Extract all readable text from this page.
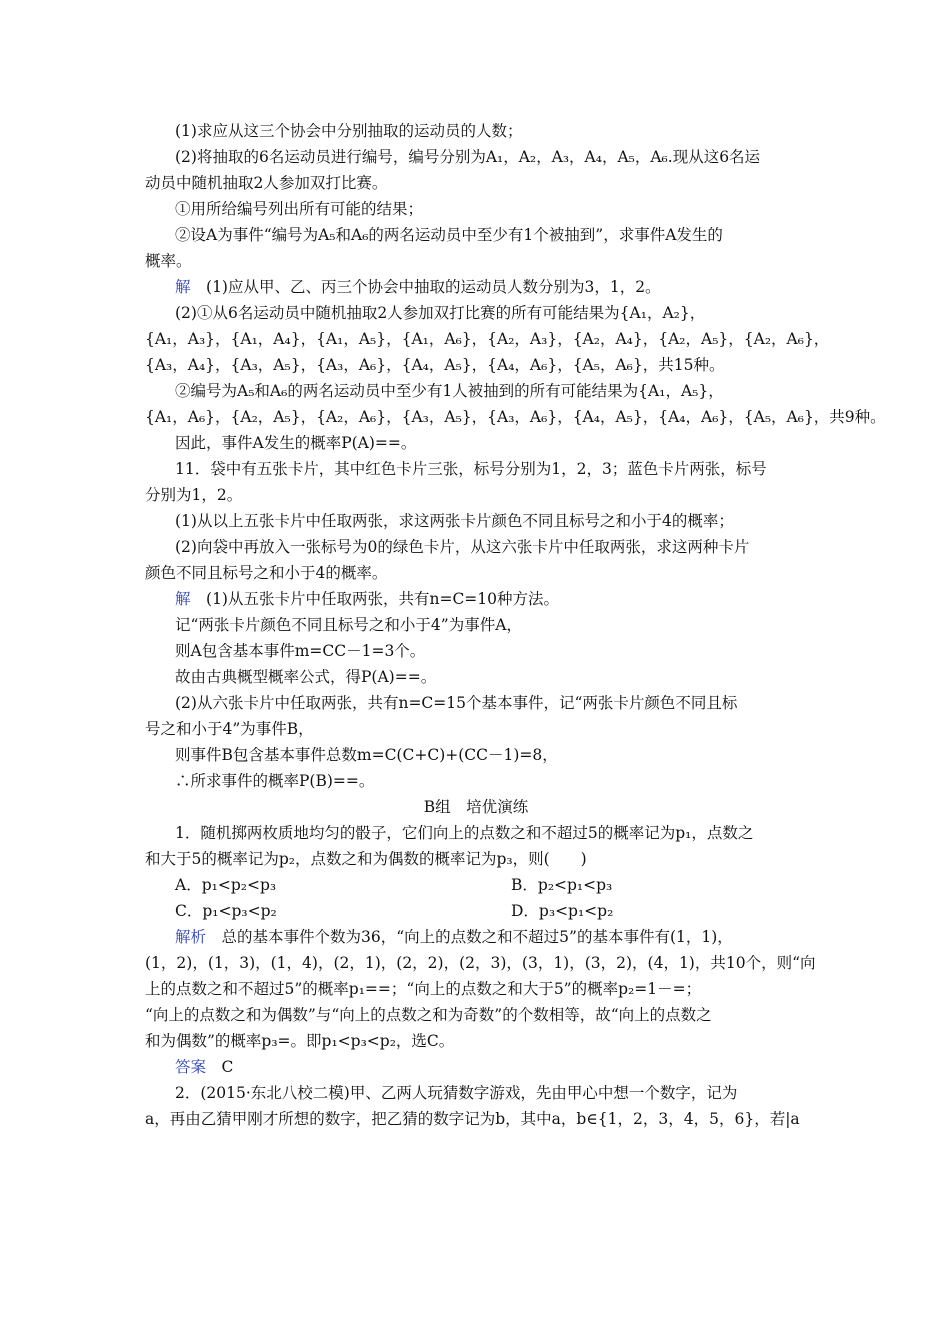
(1)求应从这三个协会中分别抽取的运动员的人数；
(2)将抽取的6名运动员进行编号，编号分别为A₁，A₂，A₃，A₄，A₅，A₆.现从这6名运
动员中随机抽取2人参加双打比赛。
①用所给编号列出所有可能的结果；
②设A为事件“编号为A₅和A₆的两名运动员中至少有1个被抽到”，求事件A发生的
概率。
解　(1)应从甲、乙、丙三个协会中抽取的运动员人数分别为3，1，2。
(2)①从6名运动员中随机抽取2人参加双打比赛的所有可能结果为{A₁，A₂}，
{A₁，A₃}，{A₁，A₄}，{A₁，A₅}，{A₁，A₆}，{A₂，A₃}，{A₂，A₄}，{A₂，A₅}，{A₂，A₆}，
{A₃，A₄}，{A₃，A₅}，{A₃，A₆}，{A₄，A₅}，{A₄，A₆}，{A₅，A₆}，共15种。
②编号为A₅和A₆的两名运动员中至少有1人被抽到的所有可能结果为{A₁，A₅}，
{A₁，A₆}，{A₂，A₅}，{A₂，A₆}，{A₃，A₅}，{A₃，A₆}，{A₄，A₅}，{A₄，A₆}，{A₅，A₆}，共9种。
因此，事件A发生的概率P(A)==。
11．袋中有五张卡片，其中红色卡片三张，标号分别为1，2，3；蓝色卡片两张，标号
分别为1，2。
(1)从以上五张卡片中任取两张，求这两张卡片颜色不同且标号之和小于4的概率；
(2)向袋中再放入一张标号为0的绿色卡片，从这六张卡片中任取两张，求这两种卡片
颜色不同且标号之和小于4的概率。
解　(1)从五张卡片中任取两张，共有n=C=10种方法。
记“两张卡片颜色不同且标号之和小于4”为事件A，
则A包含基本事件m=CC－1=3个。
故由古典概型概率公式，得P(A)==。
(2)从六张卡片中任取两张，共有n=C=15个基本事件，记“两张卡片颜色不同且标
号之和小于4”为事件B，
则事件B包含基本事件总数m=C(C+C)+(CC－1)=8，
∴所求事件的概率P(B)==。
B组　培优演练
1．随机掷两枚质地均匀的骰子，它们向上的点数之和不超过5的概率记为p₁，点数之
和大于5的概率记为p₂，点数之和为偶数的概率记为p₃，则(　　)
A．p₁<p₂<p₃	B．p₂<p₁<p₃
C．p₁<p₃<p₂	D．p₃<p₁<p₂
解析　总的基本事件个数为36，“向上的点数之和不超过5”的基本事件有(1，1)，
(1，2)，(1，3)，(1，4)，(2，1)，(2，2)，(2，3)，(3，1)，(3，2)，(4，1)，共10个，则“向
上的点数之和不超过5”的概率p₁==；“向上的点数之和大于5”的概率p₂=1－=；
“向上的点数之和为偶数”与“向上的点数之和为奇数”的个数相等，故“向上的点数之
和为偶数”的概率p₃=。即p₁<p₃<p₂，选C。
答案　C
2．(2015·东北八校二模)甲、乙两人玩猜数字游戏，先由甲心中想一个数字，记为
a，再由乙猜甲刚才所想的数字，把乙猜的数字记为b，其中a，b∈{1，2，3，4，5，6}，若|a
